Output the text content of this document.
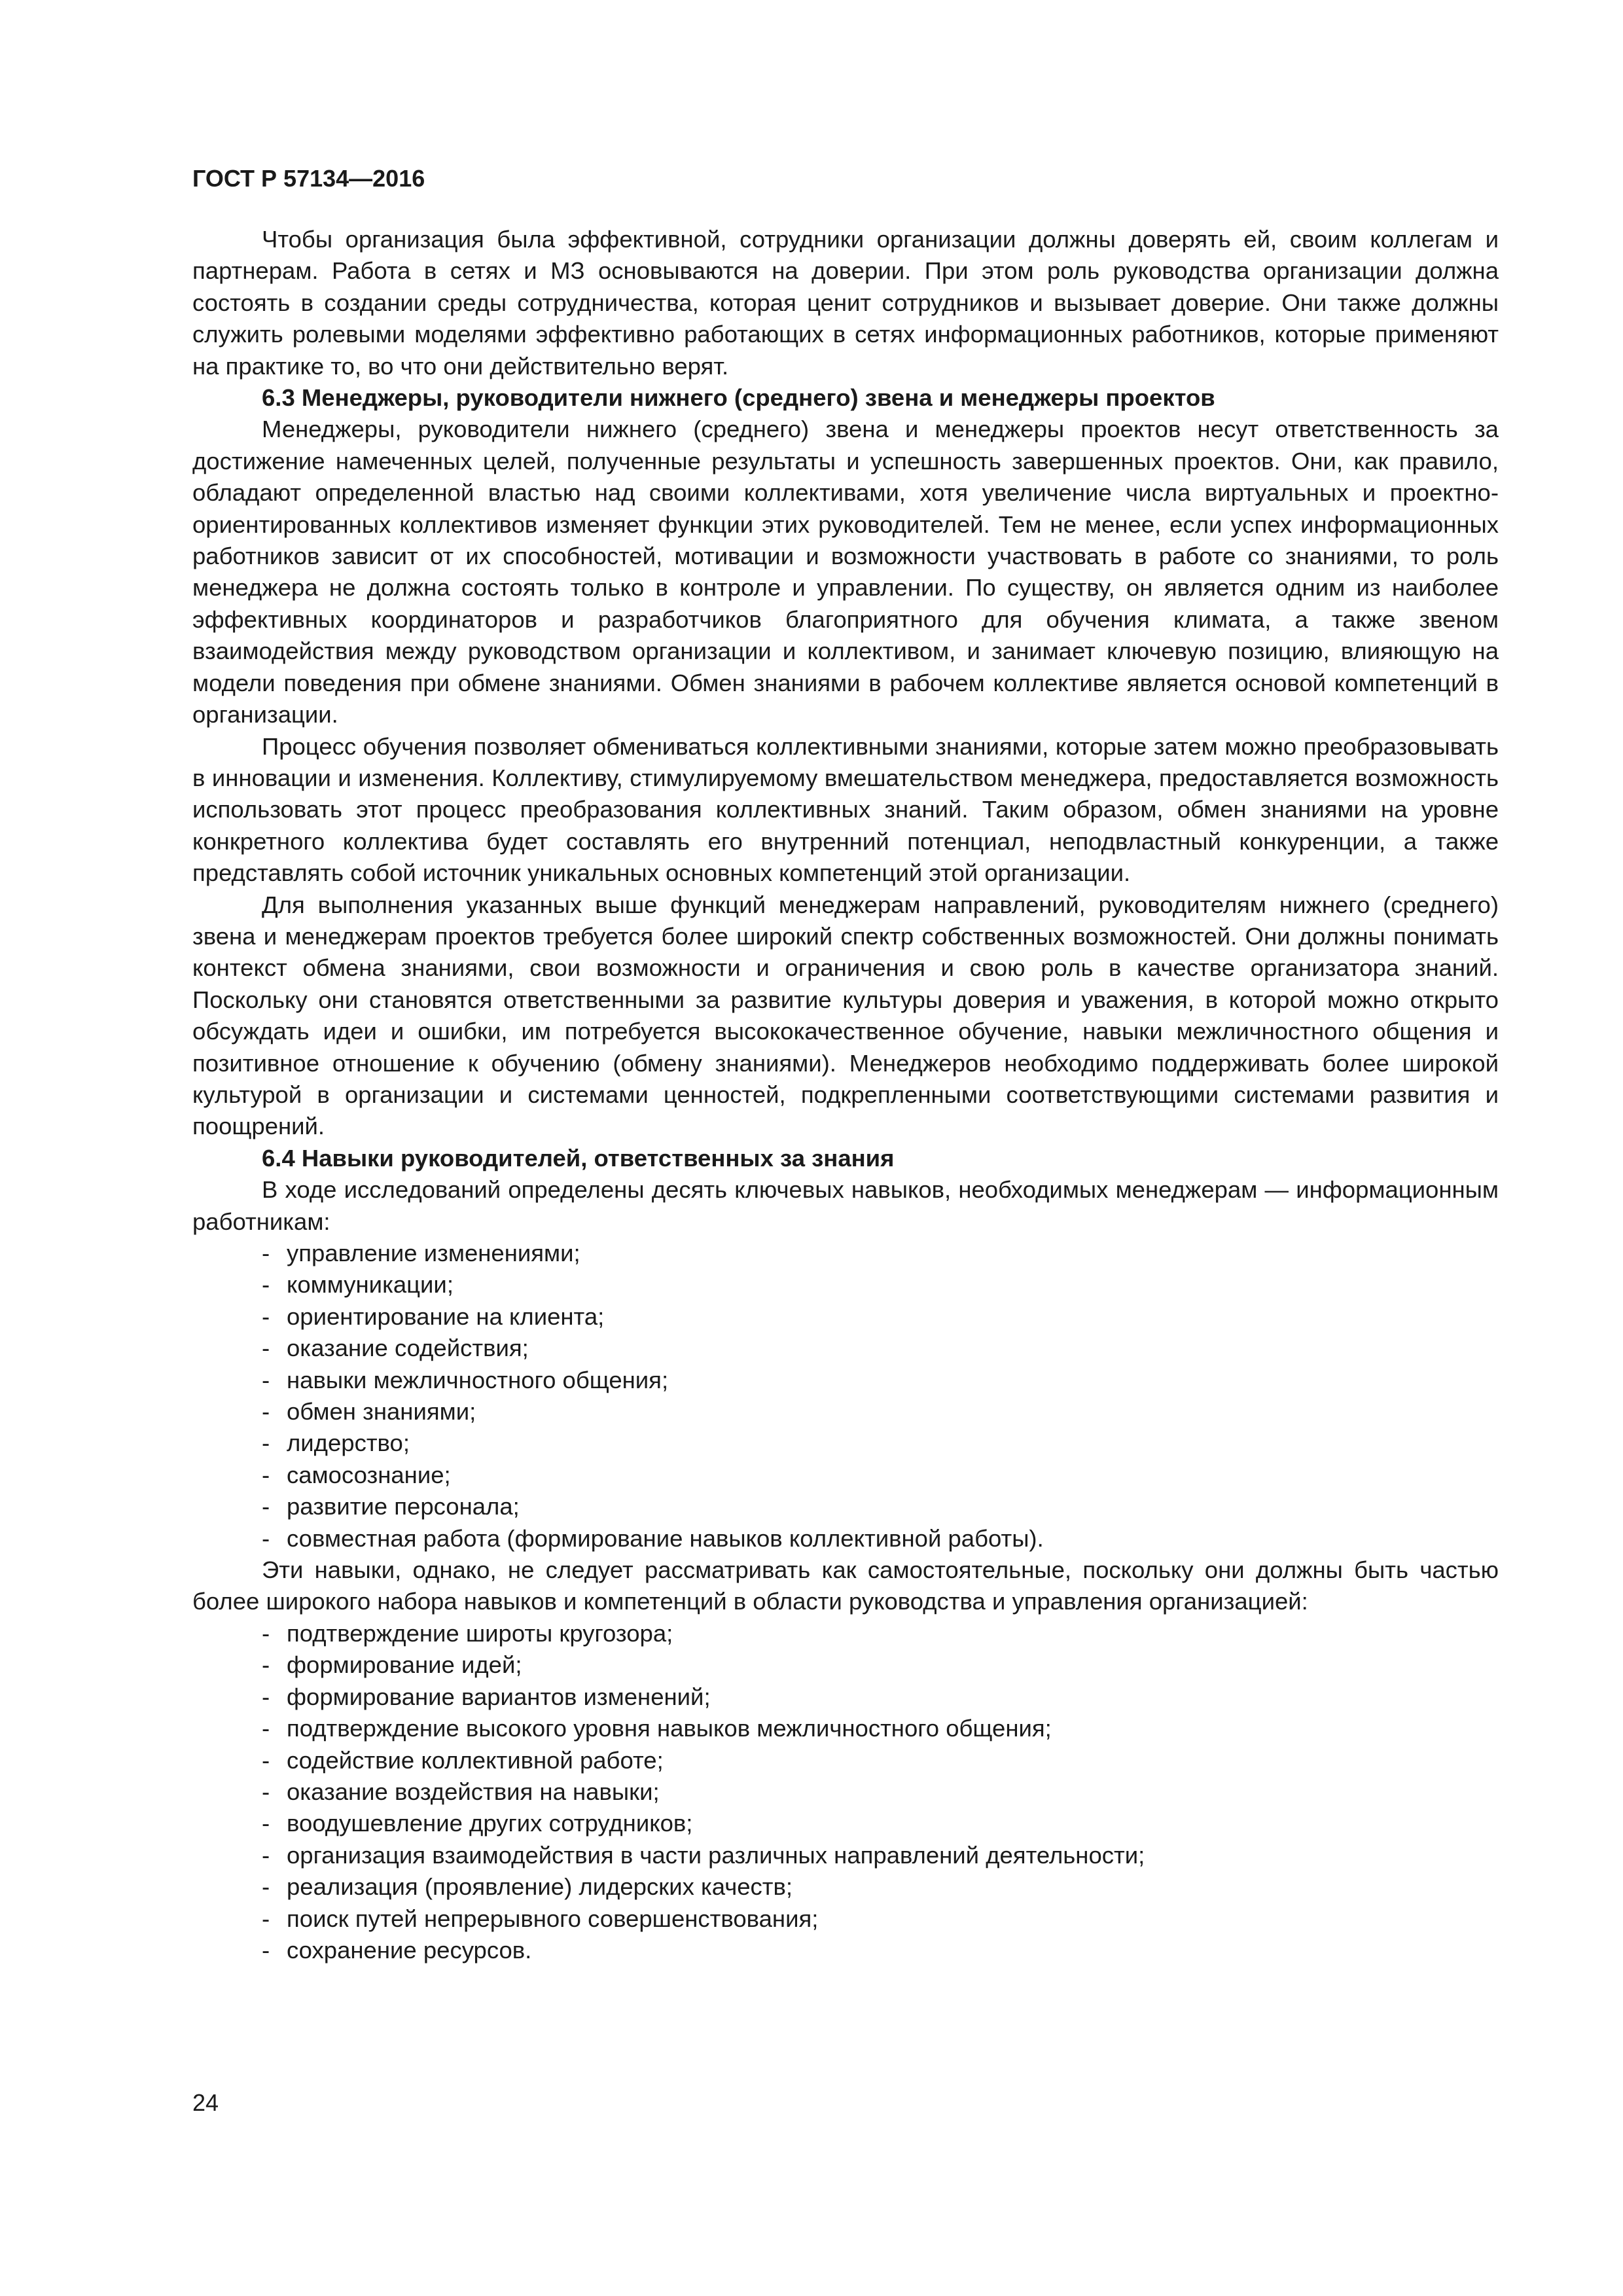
ГОСТ Р 57134—2016

Чтобы организация была эффективной, сотрудники организации должны доверять ей, своим коллегам и партнерам. Работа в сетях и МЗ основываются на доверии. При этом роль руководства организации должна состоять в создании среды сотрудничества, которая ценит сотрудников и вызывает доверие. Они также должны служить ролевыми моделями эффективно работающих в сетях информационных работников, которые применяют на практике то, во что они действительно верят.

6.3 Менеджеры, руководители нижнего (среднего) звена и менеджеры проектов

Менеджеры, руководители нижнего (среднего) звена и менеджеры проектов несут ответственность за достижение намеченных целей, полученные результаты и успешность завершенных проектов. Они, как правило, обладают определенной властью над своими коллективами, хотя увеличение числа виртуальных и проектно-ориентированных коллективов изменяет функции этих руководителей. Тем не менее, если успех информационных работников зависит от их способностей, мотивации и возможности участвовать в работе со знаниями, то роль менеджера не должна состоять только в контроле и управлении. По существу, он является одним из наиболее эффективных координаторов и разработчиков благоприятного для обучения климата, а также звеном взаимодействия между руководством организации и коллективом, и занимает ключевую позицию, влияющую на модели поведения при обмене знаниями. Обмен знаниями в рабочем коллективе является основой компетенций в организации.

Процесс обучения позволяет обмениваться коллективными знаниями, которые затем можно преобразовывать в инновации и изменения. Коллективу, стимулируемому вмешательством менеджера, предоставляется возможность использовать этот процесс преобразования коллективных знаний. Таким образом, обмен знаниями на уровне конкретного коллектива будет составлять его внутренний потенциал, неподвластный конкуренции, а также представлять собой источник уникальных основных компетенций этой организации.

Для выполнения указанных выше функций менеджерам направлений, руководителям нижнего (среднего) звена и менеджерам проектов требуется более широкий спектр собственных возможностей. Они должны понимать контекст обмена знаниями, свои возможности и ограничения и свою роль в качестве организатора знаний. Поскольку они становятся ответственными за развитие культуры доверия и уважения, в которой можно открыто обсуждать идеи и ошибки, им потребуется высококачественное обучение, навыки межличностного общения и позитивное отношение к обучению (обмену знаниями). Менеджеров необходимо поддерживать более широкой культурой в организации и системами ценностей, подкрепленными соответствующими системами развития и поощрений.

6.4 Навыки руководителей, ответственных за знания

В ходе исследований определены десять ключевых навыков, необходимых менеджерам — информационным работникам:

- управление изменениями;
- коммуникации;
- ориентирование на клиента;
- оказание содействия;
- навыки межличностного общения;
- обмен знаниями;
- лидерство;
- самосознание;
- развитие персонала;
- совместная работа (формирование навыков коллективной работы).

Эти навыки, однако, не следует рассматривать как самостоятельные, поскольку они должны быть частью более широкого набора навыков и компетенций в области руководства и управления организацией:

- подтверждение широты кругозора;
- формирование идей;
- формирование вариантов изменений;
- подтверждение высокого уровня навыков межличностного общения;
- содействие коллективной работе;
- оказание воздействия на навыки;
- воодушевление других сотрудников;
- организация взаимодействия в части различных направлений деятельности;
- реализация (проявление) лидерских качеств;
- поиск путей непрерывного совершенствования;
- сохранение ресурсов.
24
